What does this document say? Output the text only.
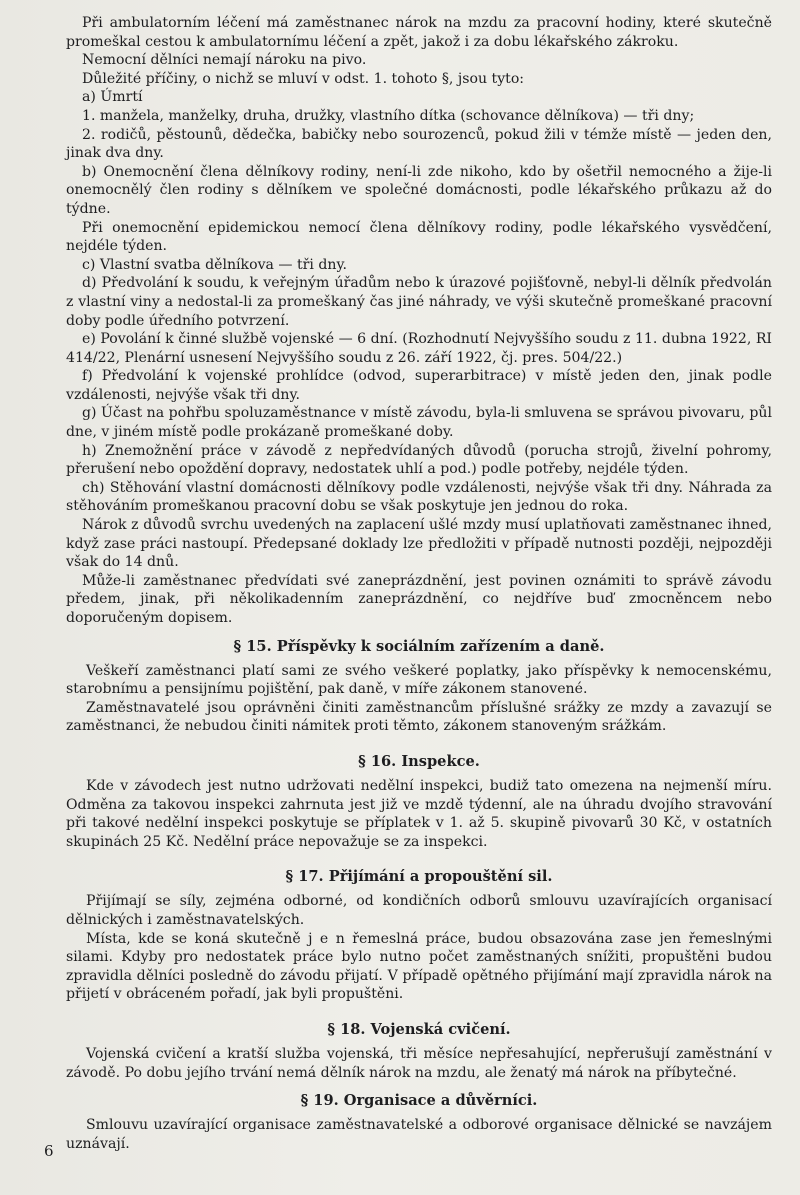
Při ambulatorním léčení má zaměstnanec nárok na mzdu za pracovní hodiny, které skutečně promeškal cestou k ambulatornímu léčení a zpět, jakož i za dobu lékařského zákroku.

Nemocní dělníci nemají nároku na pivo.

Důležité příčiny, o nichž se mluví v odst. 1. tohoto §, jsou tyto:

a) Úmrtí

1. manžela, manželky, druha, družky, vlastního dítka (schovance dělníkova) — tři dny;

2. rodičů, pěstounů, dědečka, babičky nebo sourozenců, pokud žili v témže místě — jeden den, jinak dva dny.

b) Onemocnění člena dělníkovy rodiny, není-li zde nikoho, kdo by ošetřil nemocného a žije-li onemocnělý člen rodiny s dělníkem ve společné domácnosti, podle lékařského průkazu až do týdne.

Při onemocnění epidemickou nemocí člena dělníkovy rodiny, podle lékařského vysvědčení, nejdéle týden.

c) Vlastní svatba dělníkova — tři dny.

d) Předvolání k soudu, k veřejným úřadům nebo k úrazové pojišťovně, nebyl-li dělník předvolán z vlastní viny a nedostal-li za promeškaný čas jiné náhrady, ve výši skutečně promeškané pracovní doby podle úředního potvrzení.

e) Povolání k činné službě vojenské — 6 dní. (Rozhodnutí Nejvyššího soudu z 11. dubna 1922, RI 414/22, Plenární usnesení Nejvyššího soudu z 26. září 1922, čj. pres. 504/22.)

f) Předvolání k vojenské prohlídce (odvod, superarbitrace) v místě jeden den, jinak podle vzdálenosti, nejvýše však tři dny.

g) Účast na pohřbu spoluzaměstnance v místě závodu, byla-li smluvena se správou pivovaru, půl dne, v jiném místě podle prokázaně promeškané doby.

h) Znemožnění práce v závodě z nepředvídaných důvodů (porucha strojů, živelní pohromy, přerušení nebo opoždění dopravy, nedostatek uhlí a pod.) podle potřeby, nejdéle týden.

ch) Stěhování vlastní domácnosti dělníkovy podle vzdálenosti, nejvýše však tři dny. Náhrada za stěhováním promeškanou pracovní dobu se však poskytuje jen jednou do roka.

Nárok z důvodů svrchu uvedených na zaplacení ušlé mzdy musí uplatňovati zaměstnanec ihned, když zase práci nastoupí. Předepsané doklady lze předložiti v případě nutnosti později, nejpozději však do 14 dnů.

Může-li zaměstnanec předvídati své zaneprázdnění, jest povinen oznámiti to správě závodu předem, jinak, při několikadenním zaneprázdnění, co nejdříve buď zmocněncem nebo doporučeným dopisem.

§ 15. Příspěvky k sociálním zařízením a daně.

Veškeří zaměstnanci platí sami ze svého veškeré poplatky, jako příspěvky k nemocenskému, starobnímu a pensijnímu pojištění, pak daně, v míře zákonem stanovené.

Zaměstnavatelé jsou oprávněni činiti zaměstnancům příslušné srážky ze mzdy a zavazují se zaměstnanci, že nebudou činiti námitek proti těmto, zákonem stanoveným srážkám.

§ 16. Inspekce.

Kde v závodech jest nutno udržovati nedělní inspekci, budiž tato omezena na nejmenší míru. Odměna za takovou inspekci zahrnuta jest již ve mzdě týdenní, ale na úhradu dvojího stravování při takové nedělní inspekci poskytuje se příplatek v 1. až 5. skupině pivovarů 30 Kč, v ostatních skupinách 25 Kč. Nedělní práce nepovažuje se za inspekci.

§ 17. Přijímání a propouštění sil.

Přijímají se síly, zejména odborné, od kondičních odborů smlouvu uzavírajících organisací dělnických i zaměstnavatelských.

Místa, kde se koná skutečně j e n řemeslná práce, budou obsazována zase jen řemeslnými silami. Kdyby pro nedostatek práce bylo nutno počet zaměstnaných snížiti, propuštěni budou zpravidla dělníci posledně do závodu přijatí. V případě opětného přijímání mají zpravidla nárok na přijetí v obráceném pořadí, jak byli propuštěni.

§ 18. Vojenská cvičení.

Vojenská cvičení a kratší služba vojenská, tři měsíce nepřesahující, nepřerušují zaměstnání v závodě. Po dobu jejího trvání nemá dělník nárok na mzdu, ale ženatý má nárok na příbytečné.

§ 19. Organisace a důvěrníci.

Smlouvu uzavírající organisace zaměstnavatelské a odborové organisace dělnické se navzájem uznávají.

6
